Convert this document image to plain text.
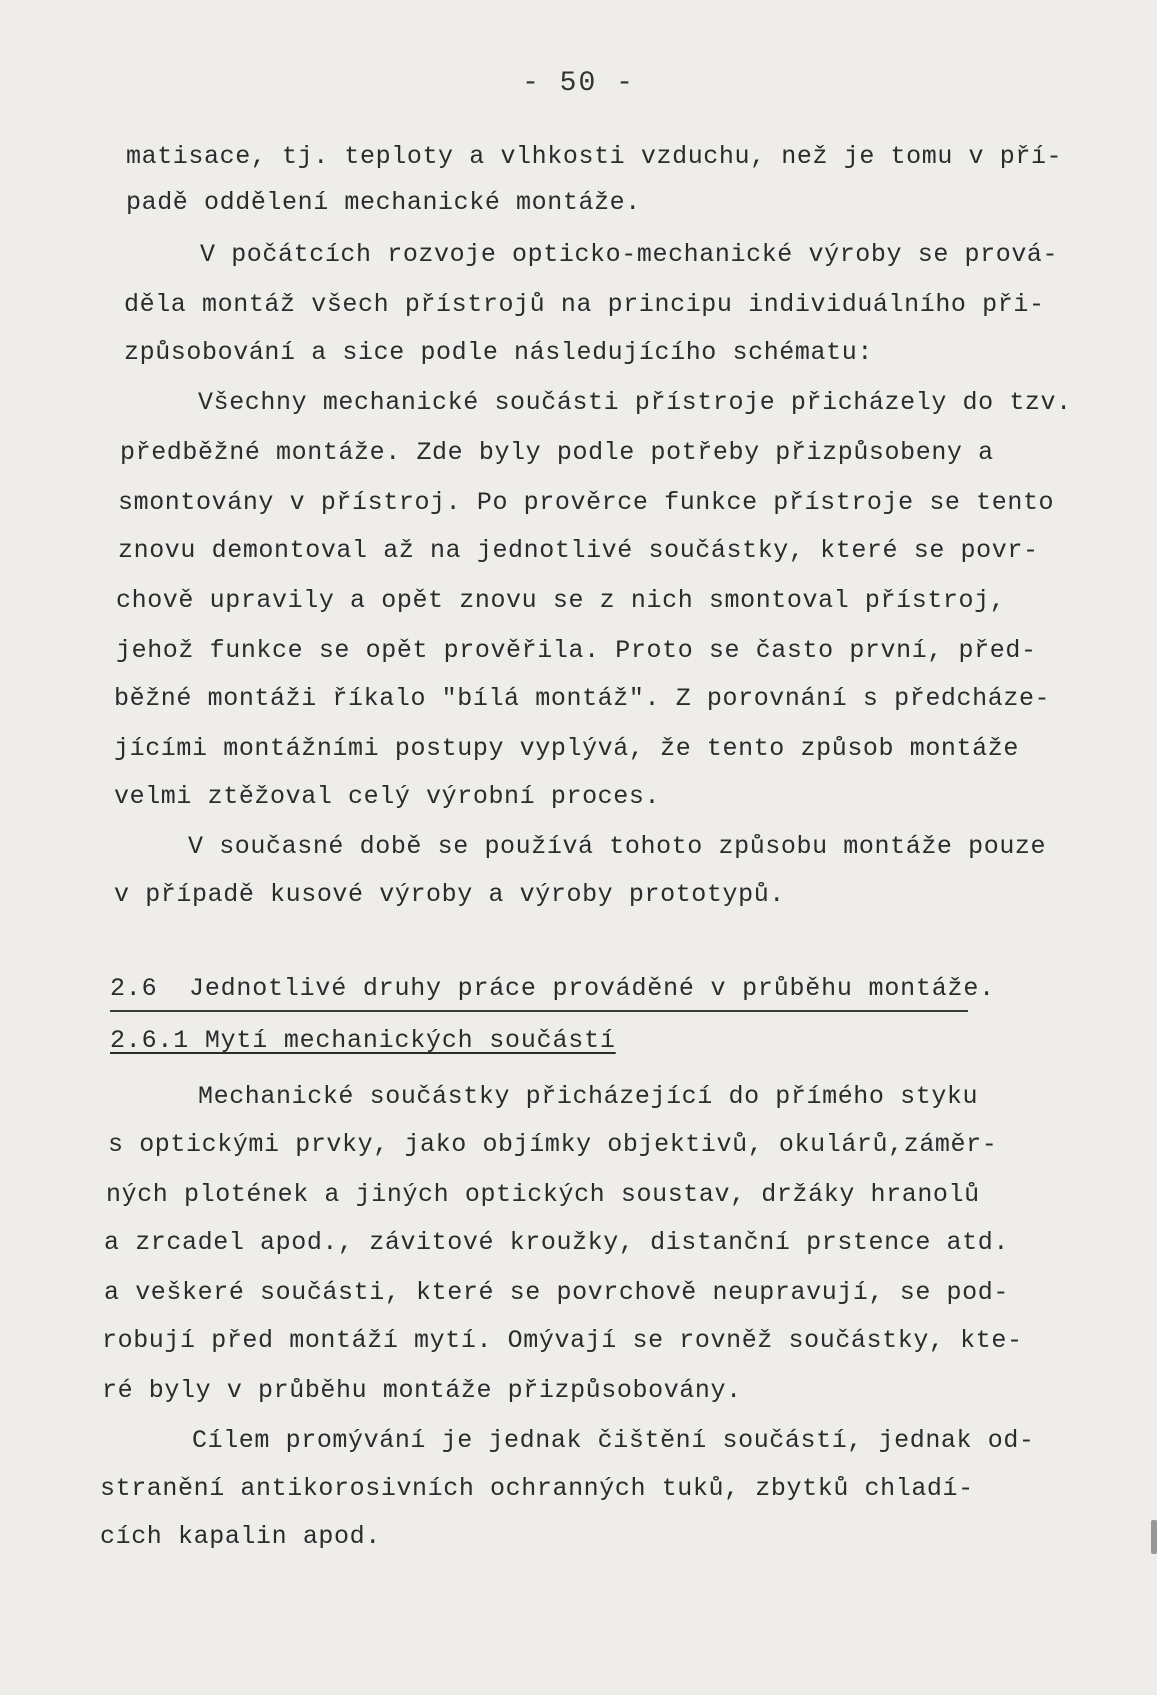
- 50 -
matisace, tj. teploty a vlhkosti vzduchu, než je tomu v pří-
padě oddělení mechanické montáže.
V počátcích rozvoje opticko-mechanické výroby se prová-
děla montáž všech přístrojů na principu individuálního při-
způsobování a sice podle následujícího schématu:
Všechny mechanické součásti přístroje přicházely do tzv.
předběžné montáže. Zde byly podle potřeby přizpůsobeny a
smontovány v přístroj. Po prověrce funkce přístroje se tento
znovu demontoval až na jednotlivé součástky, které se povr-
chově upravily a opět znovu se z nich smontoval přístroj,
jehož funkce se opět prověřila. Proto se často první, před-
běžné montáži říkalo "bílá montáž". Z porovnání s předcháze-
jícími montážními postupy vyplývá, že tento způsob montáže
velmi ztěžoval celý výrobní proces.
V současné době se používá tohoto způsobu montáže pouze
v případě kusové výroby a výroby prototypů.
2.6  Jednotlivé druhy práce prováděné v průběhu montáže.
2.6.1 Mytí mechanických součástí
Mechanické součástky přicházející do přímého styku
s optickými prvky, jako objímky objektivů, okulárů,záměr-
ných plotének a jiných optických soustav, držáky hranolů
a zrcadel apod., závitové kroužky, distanční prstence atd.
a veškeré součásti, které se povrchově neupravují, se pod-
robují před montáží mytí. Omývají se rovněž součástky, kte-
ré byly v průběhu montáže přizpůsobovány.
Cílem promývání je jednak čištění součástí, jednak od-
stranění antikorosivních ochranných tuků, zbytků chladí-
cích kapalin apod.
